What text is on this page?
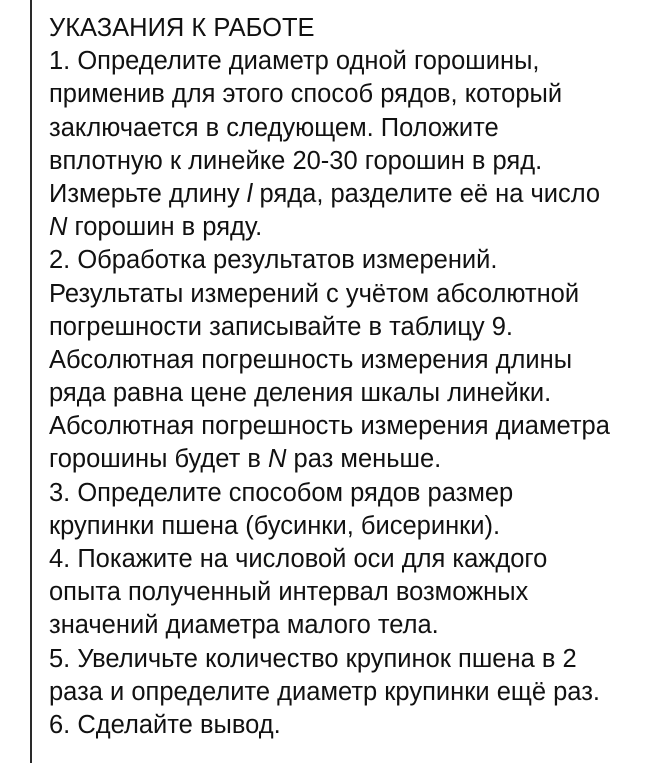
УКАЗАНИЯ К РАБОТЕ
1. Определите диаметр одной горошины,
применив для этого способ рядов, который
заключается в следующем. Положите
вплотную к линейке 20-30 горошин в ряд.
Измерьте длину l ряда, разделите её на число
N горошин в ряду.
2. Обработка результатов измерений.
Результаты измерений с учётом абсолютной
погрешности записывайте в таблицу 9.
Абсолютная погрешность измерения длины
ряда равна цене деления шкалы линейки.
Абсолютная погрешность измерения диаметра
горошины будет в N раз меньше.
3. Определите способом рядов размер
крупинки пшена (бусинки, бисеринки).
4. Покажите на числовой оси для каждого
опыта полученный интервал возможных
значений диаметра малого тела.
5. Увеличьте количество крупинок пшена в 2
раза и определите диаметр крупинки ещё раз.
6. Сделайте вывод.
